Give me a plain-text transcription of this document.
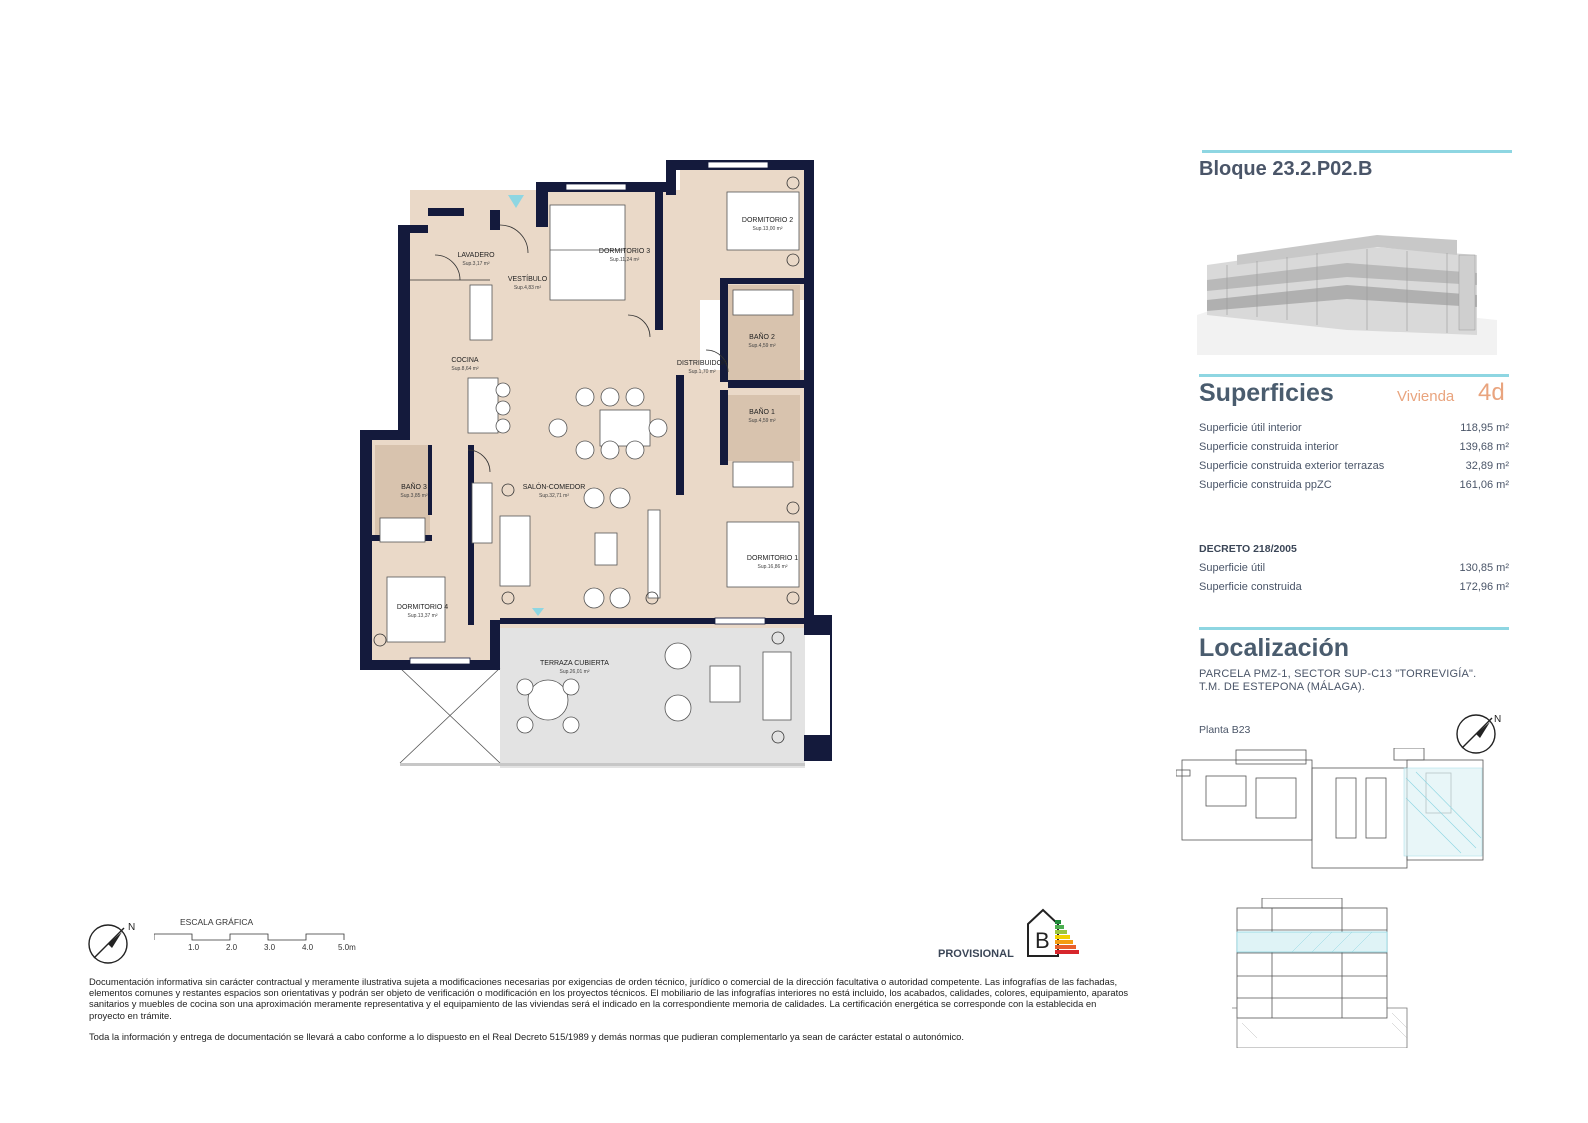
Bloque 23.2.P02.B
Superficies	Vivienda 4d
Superficie útil interior	118,95 m²
Superficie construida interior	139,68 m²
Superficie construida exterior terrazas	32,89 m²
Superficie construida ppZC	161,06 m²
DECRETO 218/2005
Superficie útil	130,85 m²
Superficie construida	172,96 m²
Localización
PARCELA PMZ-1, SECTOR SUP-C13 "TORREVIGÍA". T.M. DE ESTEPONA (MÁLAGA).
Planta B23
N
LAVADERO
Sup.3,17 m²
VESTÍBULO
Sup.4,83 m²
DORMITORIO 3
Sup.11,24 m²
DORMITORIO 2
Sup.13,00 m²
COCINA
Sup.8,64 m²
BAÑO 2
Sup.4,59 m²
DISTRIBUIDOR
Sup.1,70 m²
BAÑO 1
Sup.4,59 m²
BAÑO 3
Sup.3,85 m²
SALÓN-COMEDOR
Sup.32,71 m²
DORMITORIO 1
Sup.16,86 m²
DORMITORIO 4
Sup.13,37 m²
TERRAZA CUBIERTA
Sup.26,01 m²
N	ESCALA GRÁFICA
1.0	2.0	3.0	4.0	5.0m
PROVISIONAL
B
Documentación informativa sin carácter contractual y meramente ilustrativa sujeta a modificaciones necesarias por exigencias de orden técnico, jurídico o comercial de la dirección facultativa o autoridad competente. Las infografías de las fachadas, elementos comunes y restantes espacios son orientativas y podrán ser objeto de verificación o modificación en los proyectos técnicos. El mobiliario de las infografías interiores no está incluido, los acabados, calidades, colores, equipamiento, aparatos sanitarios y muebles de cocina son una aproximación meramente representativa y el equipamiento de las viviendas será el indicado en la correspondiente memoria de calidades. La certificación energética se corresponde con la establecida en proyecto en trámite.
Toda la información y entrega de documentación se llevará a cabo conforme a lo dispuesto en el Real Decreto 515/1989 y demás normas que pudieran complementarlo ya sean de carácter estatal o autonómico.
